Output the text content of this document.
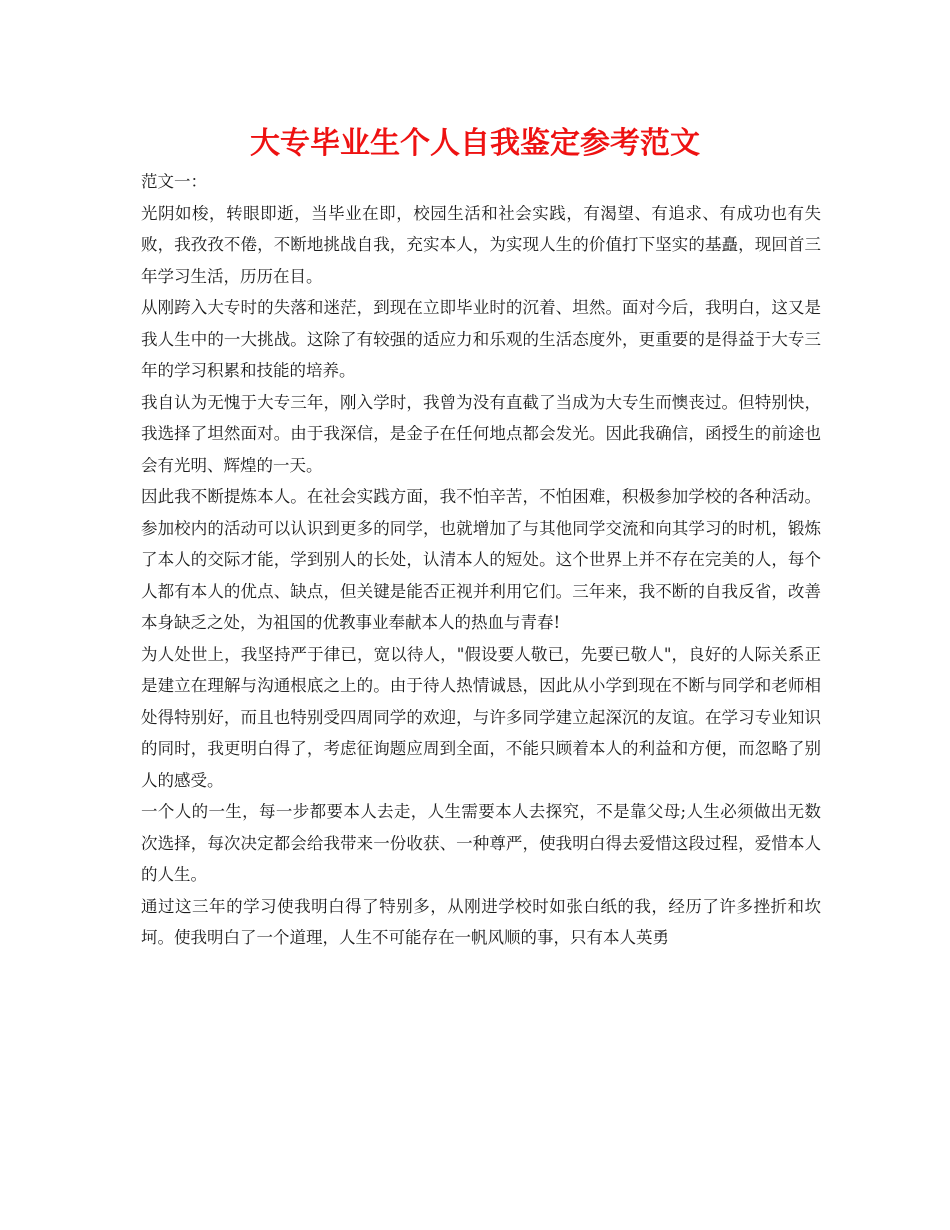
大专毕业生个人自我鉴定参考范文

范文一：

光阴如梭，转眼即逝，当毕业在即，校园生活和社会实践，有渴望、有追求、有成功也有失败，我孜孜不倦，不断地挑战自我，充实本人，为实现人生的价值打下坚实的基矗，现回首三年学习生活，历历在目。

从刚跨入大专时的失落和迷茫，到现在立即毕业时的沉着、坦然。面对今后，我明白，这又是我人生中的一大挑战。这除了有较强的适应力和乐观的生活态度外，更重要的是得益于大专三年的学习积累和技能的培养。

我自认为无愧于大专三年，刚入学时，我曾为没有直截了当成为大专生而懊丧过。但特别快，我选择了坦然面对。由于我深信，是金子在任何地点都会发光。因此我确信，函授生的前途也会有光明、辉煌的一天。

因此我不断提炼本人。在社会实践方面，我不怕辛苦，不怕困难，积极参加学校的各种活动。参加校内的活动可以认识到更多的同学，也就增加了与其他同学交流和向其学习的时机，锻炼了本人的交际才能，学到别人的长处，认清本人的短处。这个世界上并不存在完美的人，每个人都有本人的优点、缺点，但关键是能否正视并利用它们。三年来，我不断的自我反省，改善本身缺乏之处，为祖国的优教事业奉献本人的热血与青春!

为人处世上，我坚持严于律已，宽以待人，"假设要人敬已，先要已敬人"，良好的人际关系正是建立在理解与沟通根底之上的。由于待人热情诚恳，因此从小学到现在不断与同学和老师相处得特别好，而且也特别受四周同学的欢迎，与许多同学建立起深沉的友谊。在学习专业知识的同时，我更明白得了，考虑征询题应周到全面，不能只顾着本人的利益和方便，而忽略了别人的感受。

一个人的一生，每一步都要本人去走，人生需要本人去探究，不是靠父母;人生必须做出无数次选择，每次决定都会给我带来一份收获、一种尊严，使我明白得去爱惜这段过程，爱惜本人的人生。

通过这三年的学习使我明白得了特别多，从刚进学校时如张白纸的我，经历了许多挫折和坎坷。使我明白了一个道理，人生不可能存在一帆风顺的事，只有本人英勇
